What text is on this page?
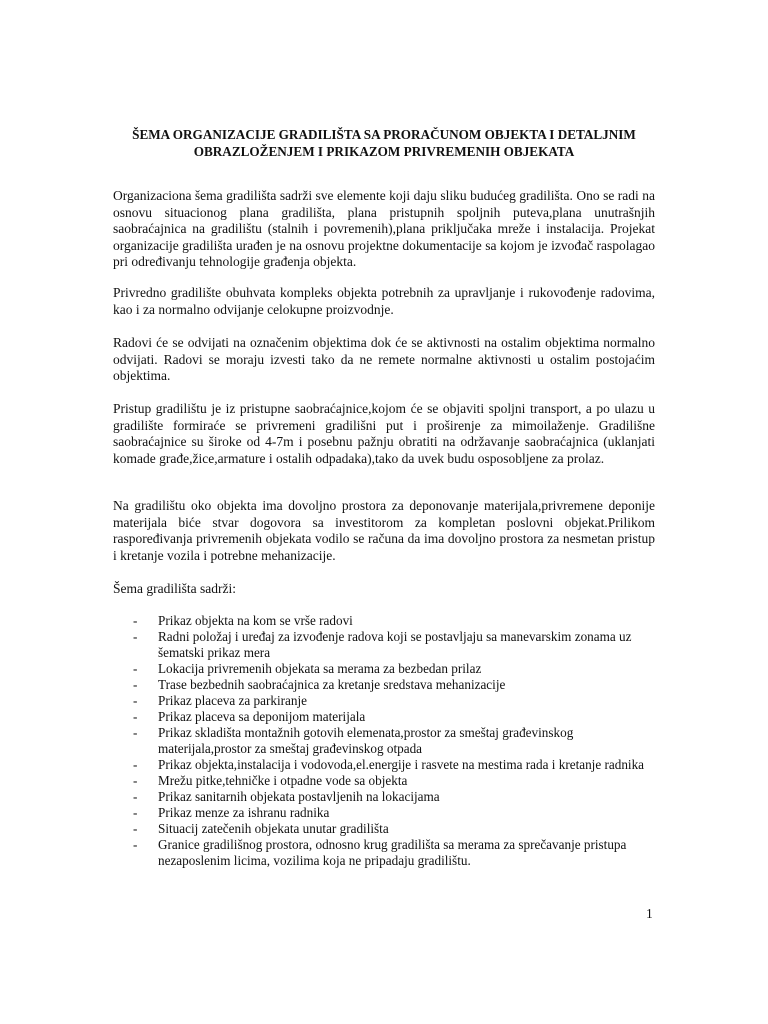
ŠEMA ORGANIZACIJE GRADILIŠTA SA PRORAČUNOM OBJEKTA I DETALJNIM
OBRAZLOŽENJEM I PRIKAZOM PRIVREMENIH OBJEKATA

Organizaciona šema gradilišta sadrži sve elemente koji daju sliku budućeg gradilišta. Ono se radi na osnovu situacionog plana gradilišta, plana pristupnih spoljnih puteva,plana unutrašnjih saobraćajnica na gradilištu (stalnih i povremenih),plana priključaka mreže i instalacija. Projekat organizacije gradilišta urađen je na osnovu projektne dokumentacije sa kojom je izvođač raspolagao pri određivanju tehnologije građenja objekta.

Privredno gradilište obuhvata kompleks objekta potrebnih za upravljanje i rukovođenje radovima, kao i za normalno odvijanje celokupne proizvodnje.

Radovi će se odvijati na označenim objektima dok će se aktivnosti na ostalim objektima normalno odvijati. Radovi se moraju izvesti tako da ne remete normalne aktivnosti u ostalim postojaćim objektima.

Pristup gradilištu je iz pristupne saobraćajnice,kojom će se objaviti spoljni transport, a po ulazu u gradilište formiraće se privremeni gradilišni put i proširenje za mimoilaženje. Gradilišne saobraćajnice su široke od 4-7m i posebnu pažnju obratiti na održavanje saobraćajnica (uklanjati komade građe,žice,armature i ostalih odpadaka),tako da uvek budu osposobljene za prolaz.

Na gradilištu oko objekta ima dovoljno prostora za deponovanje materijala,privremene deponije materijala biće stvar dogovora sa investitorom za kompletan poslovni objekat.Prilikom raspoređivanja privremenih objekata vodilo se računa da ima dovoljno prostora za nesmetan pristup i kretanje vozila i potrebne mehanizacije.

Šema gradilišta sadrži:
- Prikaz objekta na kom se vrše radovi
- Radni položaj i uređaj za izvođenje radova koji se postavljaju sa manevarskim zonama uz šematski prikaz mera
- Lokacija privremenih objekata sa merama za bezbedan prilaz
- Trase bezbednih saobraćajnica za kretanje sredstava mehanizacije
- Prikaz placeva za parkiranje
- Prikaz placeva sa deponijom materijala
- Prikaz skladišta montažnih gotovih elemenata,prostor za smeštaj građevinskog materijala,prostor za smeštaj građevinskog otpada
- Prikaz objekta,instalacija i vodovoda,el.energije i rasvete na mestima rada i kretanje radnika
- Mrežu pitke,tehničke i otpadne vode sa objekta
- Prikaz sanitarnih objekata postavljenih na lokacijama
- Prikaz menze za ishranu radnika
- Situacij zatečenih objekata unutar gradilišta
- Granice gradilišnog prostora, odnosno krug gradilišta sa merama za sprečavanje pristupa nezaposlenim licima, vozilima koja ne pripadaju gradilištu.
1
